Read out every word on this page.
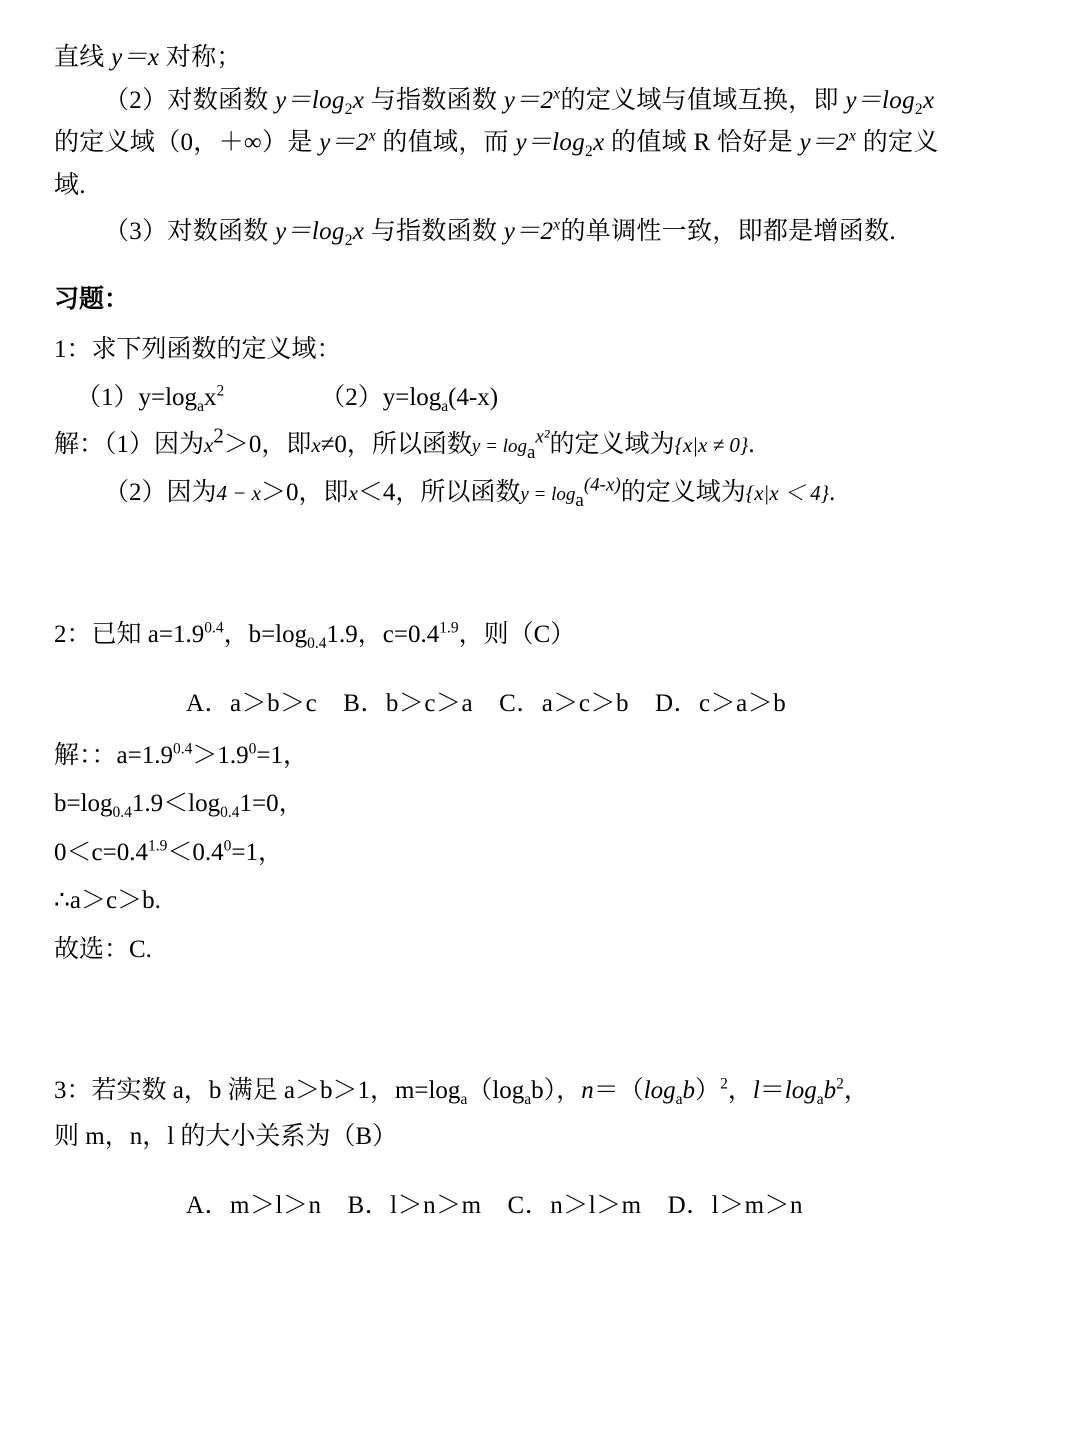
直线 y＝x 对称；

（2）对数函数 $y=\log_2x$ 与指数函数 $y=2^x$的定义域与值域互换，即 $y=\log_2x$

的定义域（0，＋∞）是 $y=2^x$ 的值域，而 $y=\log_2x$ 的值域 R 恰好是 $y=2^x$ 的定义

域.

（3）对数函数 $y=\log_2x$ 与指数函数 $y=2^x$的单调性一致，即都是增函数.

习题：

1：求下列函数的定义域：

$(1)y=\log_ax^2$	$(2)y=\log_a(4-x)$

解：（1）因为$x^2>0$，即x≠0，所以函数$y = \log_a^{x^2}$的定义域为{x|x ≠ 0}.

（2）因为4 − x＞0，即x＜4，所以函数$y = \log_a^{(4-x)}$的定义域为{x|x ＜ 4}.

2：已知 $a=1.9^{0.4}$，$b=\log_{0.4}1.9$，$c=0.4^{1.9}$，则（C）

A．a＞b＞c B．b＞c＞a C．a＞c＞b D．c＞a＞b

解：：$a=1.9^{0.4}>1.9^0=1$，

$b=\log_{0.4}1.9<\log_{0.4}1=0$，

$0<c=0.4^{1.9}<0.4^0=1$，

∴a＞c＞b.

故选：C.

3：若实数 a，b 满足 a＞b＞1，$m=\log_a(\log_ab)$，$n=(\log_ab)^2$，$l=\log_ab^2$，

则 m，n，l 的大小关系为（B）

A．m＞l＞n B．l＞n＞m C．n＞l＞m D．l＞m＞n
